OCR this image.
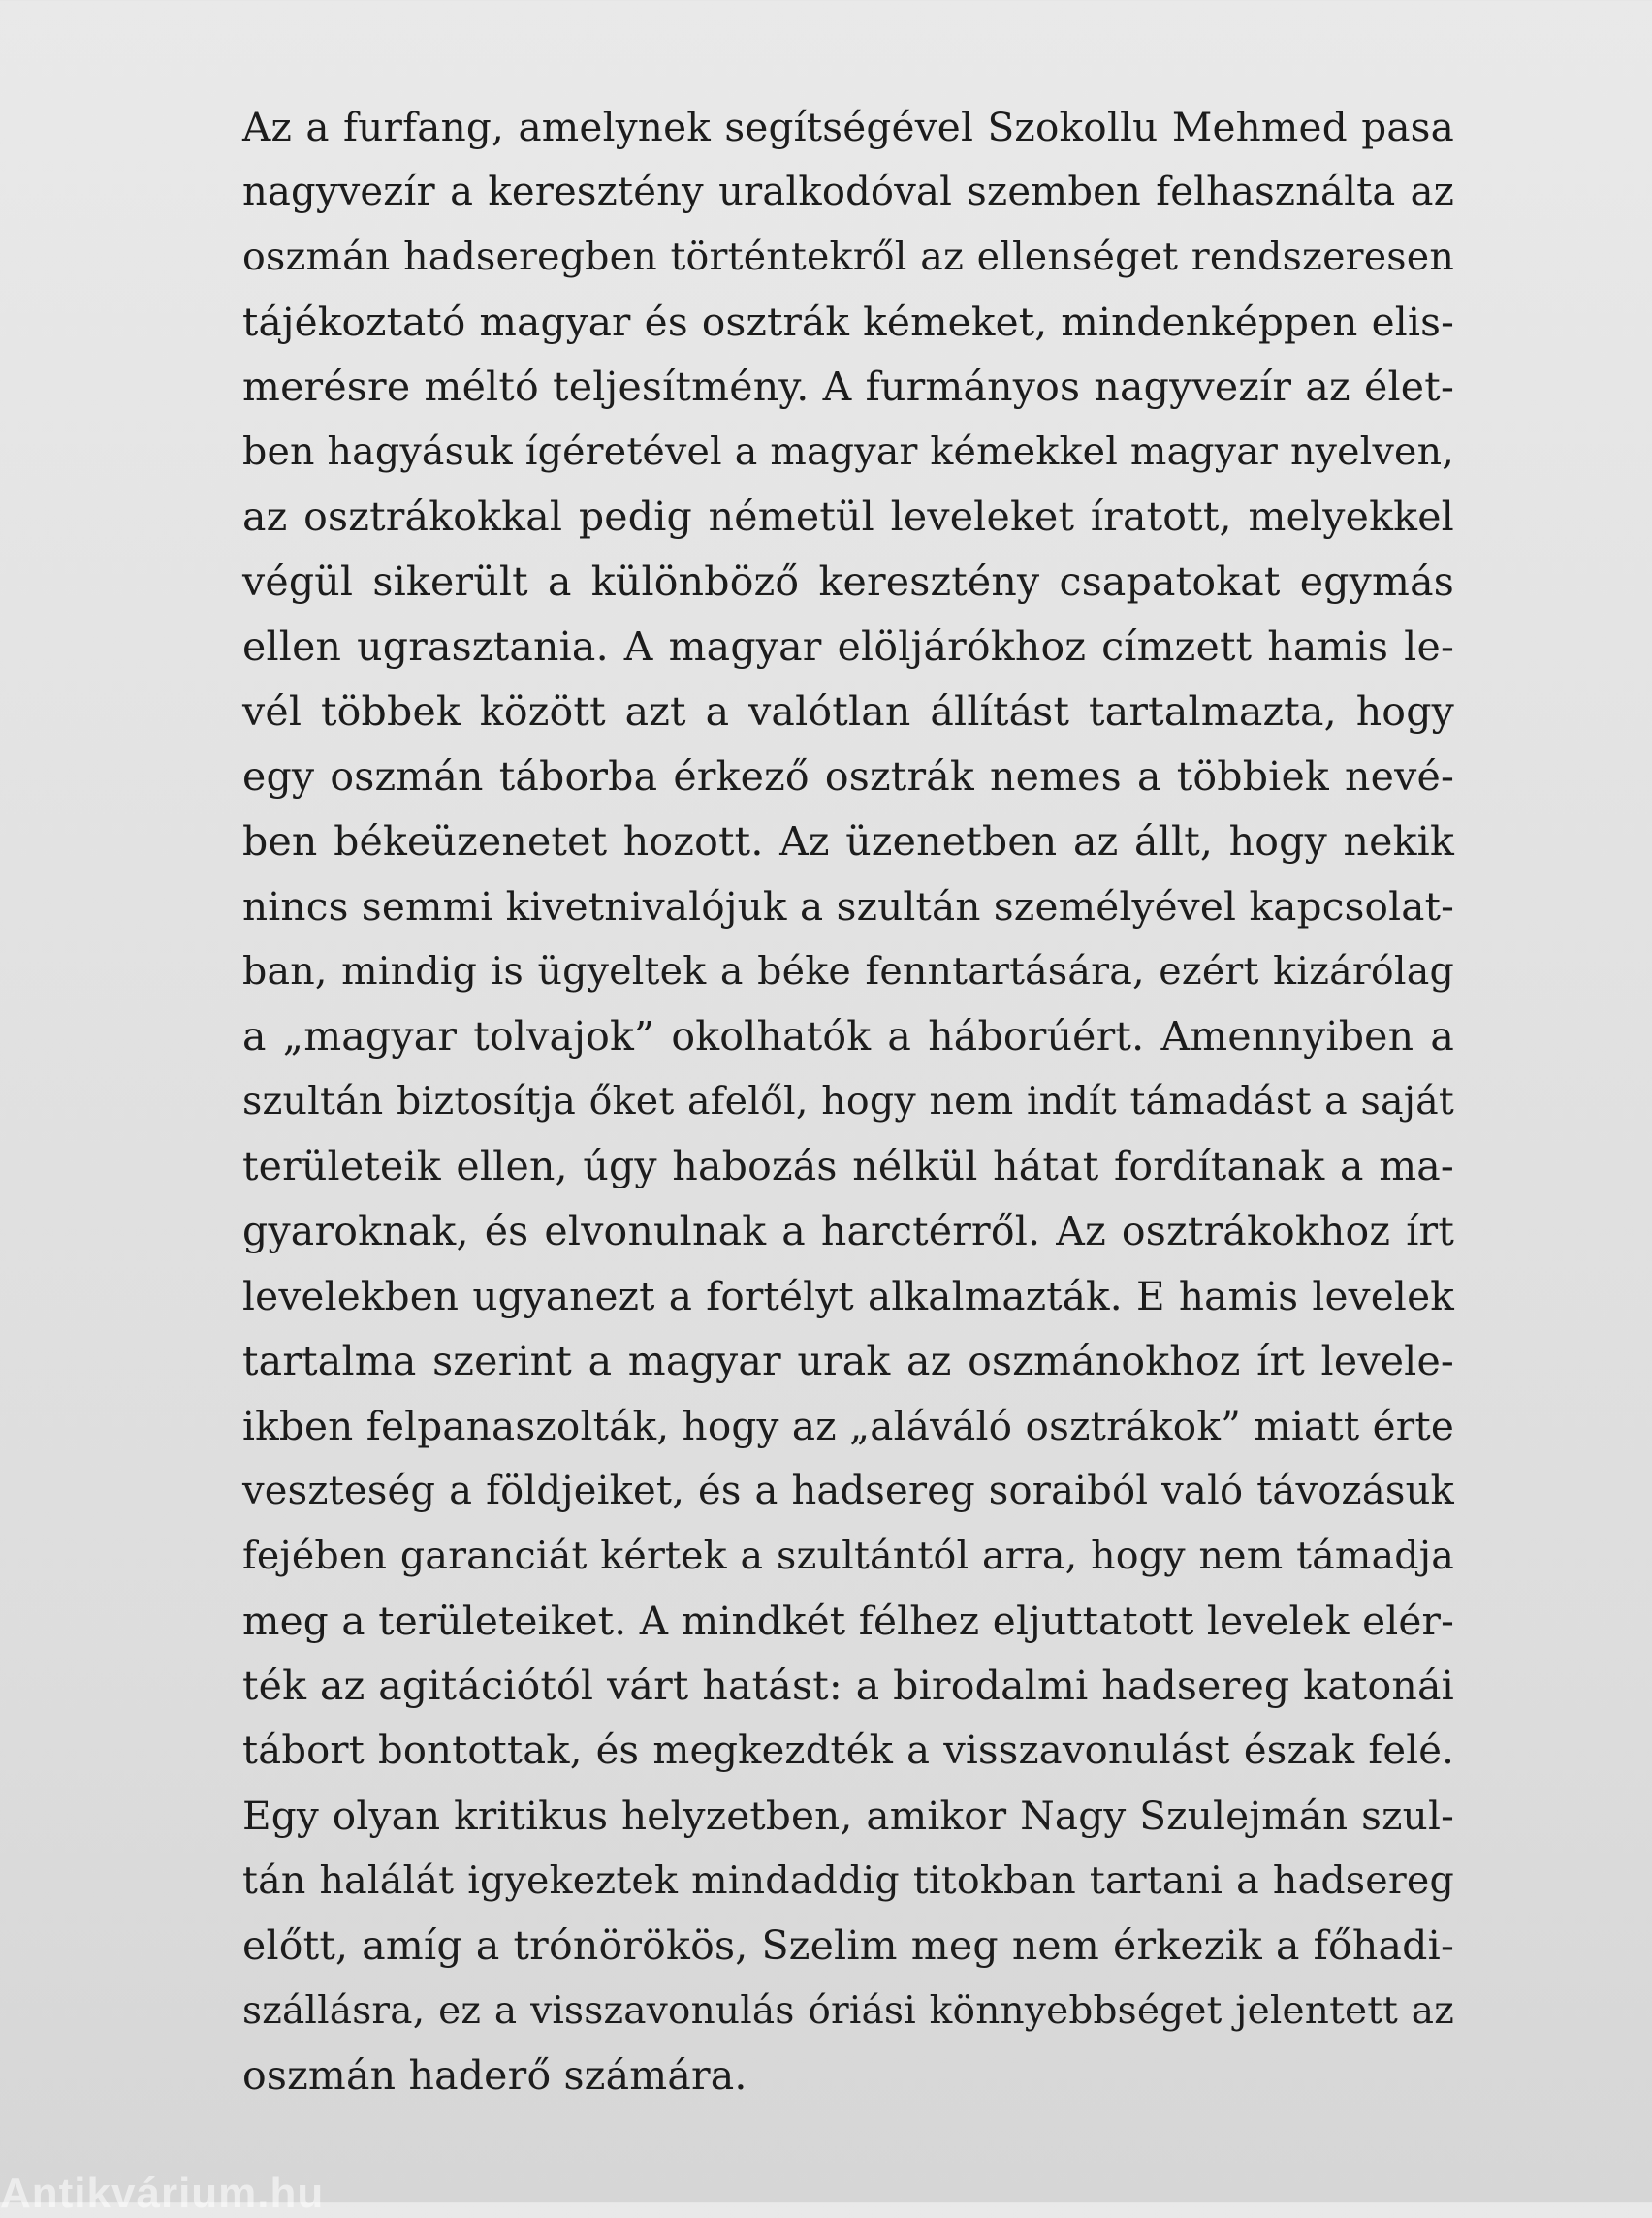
Az a furfang, amelynek segítségével Szokollu Mehmed pasa
nagyvezír a keresztény uralkodóval szemben felhasználta az
oszmán hadseregben történtekről az ellenséget rendszeresen
tájékoztató magyar és osztrák kémeket, mindenképpen elis-
merésre méltó teljesítmény. A furmányos nagyvezír az élet-
ben hagyásuk ígéretével a magyar kémekkel magyar nyelven,
az osztrákokkal pedig németül leveleket íratott, melyekkel
végül sikerült a különböző keresztény csapatokat egymás
ellen ugrasztania. A magyar elöljárókhoz címzett hamis le-
vél többek között azt a valótlan állítást tartalmazta, hogy
egy oszmán táborba érkező osztrák nemes a többiek nevé-
ben békeüzenetet hozott. Az üzenetben az állt, hogy nekik
nincs semmi kivetnivalójuk a szultán személyével kapcsolat-
ban, mindig is ügyeltek a béke fenntartására, ezért kizárólag
a „magyar tolvajok” okolhatók a háborúért. Amennyiben a
szultán biztosítja őket afelől, hogy nem indít támadást a saját
területeik ellen, úgy habozás nélkül hátat fordítanak a ma-
gyaroknak, és elvonulnak a harctérről. Az osztrákokhoz írt
levelekben ugyanezt a fortélyt alkalmazták. E hamis levelek
tartalma szerint a magyar urak az oszmánokhoz írt levele-
ikben felpanaszolták, hogy az „aláváló osztrákok” miatt érte
veszteség a földjeiket, és a hadsereg soraiból való távozásuk
fejében garanciát kértek a szultántól arra, hogy nem támadja
meg a területeiket. A mindkét félhez eljuttatott levelek elér-
ték az agitációtól várt hatást: a birodalmi hadsereg katonái
tábort bontottak, és megkezdték a visszavonulást észak felé.
Egy olyan kritikus helyzetben, amikor Nagy Szulejmán szul-
tán halálát igyekeztek mindaddig titokban tartani a hadsereg
előtt, amíg a trónörökös, Szelim meg nem érkezik a főhadi-
szállásra, ez a visszavonulás óriási könnyebbséget jelentett az
oszmán haderő számára.
Antikvárium.hu
